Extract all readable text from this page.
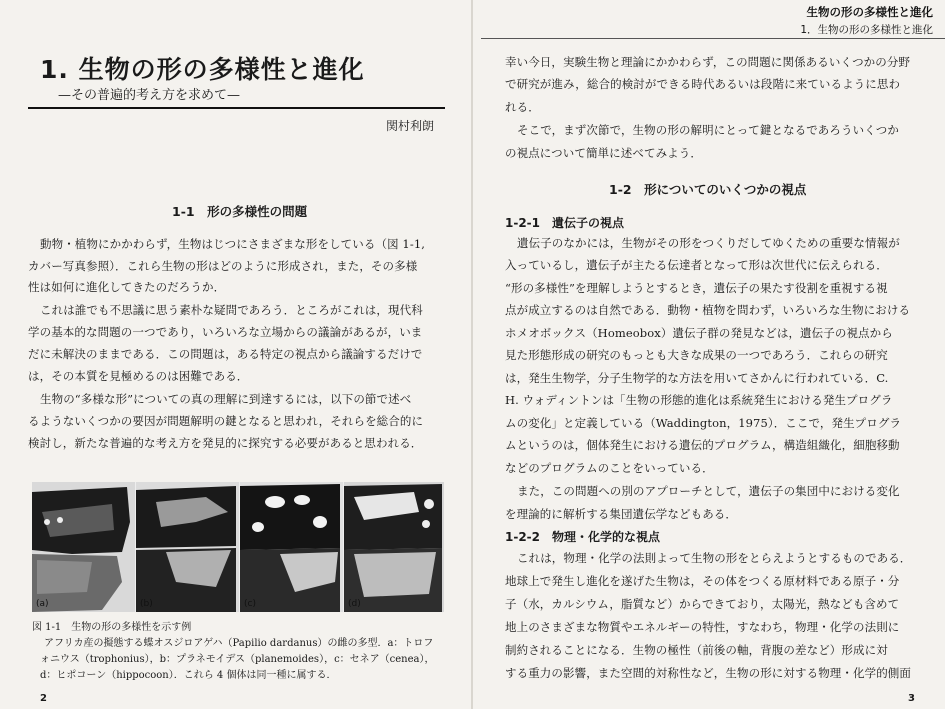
1. 生物の形の多様性と進化
—その普遍的考え方を求めて—
関村利朗
1-1　形の多様性の問題
動物・植物にかかわらず，生物はじつにさまざまな形をしている（図 1-1,
カバー写真参照）．これら生物の形はどのように形成され，また，その多様
性は如何に進化してきたのだろうか．
これは誰でも不思議に思う素朴な疑問であろう．ところがこれは，現代科
学の基本的な問題の一つであり，いろいろな立場からの議論があるが，いま
だに未解決のままである．この問題は，ある特定の視点から議論するだけで
は，その本質を見極めるのは困難である．
生物の“多様な形”についての真の理解に到達するには，以下の節で述べ
るようないくつかの要因が問題解明の鍵となると思われ，それらを総合的に
検討し，新たな普遍的な考え方を発見的に探究する必要があると思われる．
(a)	(b)	(c)	(d)
図 1-1　生物の形の多様性を示す例
アフリカ産の擬態する蝶オスジロアゲハ（Papilio dardanus）の雌の多型．a：トロフ
ォニウス（trophonius），b：プラネモイデス（planemoides），c：セネア（cenea），
d：ヒポコーン（hippocoon）．これら 4 個体は同一種に属する．
2
生物の形の多様性と進化
1．生物の形の多様性と進化
幸い今日，実験生物と理論にかかわらず，この問題に関係あるいくつかの分野
で研究が進み，総合的検討ができる時代あるいは段階に来ているように思わ
れる．
そこで，まず次節で，生物の形の解明にとって鍵となるであろういくつか
の視点について簡単に述べてみよう．
1-2　形についてのいくつかの視点
1-2-1　遺伝子の視点
遺伝子のなかには，生物がその形をつくりだしてゆくための重要な情報が
入っているし，遺伝子が主たる伝達者となって形は次世代に伝えられる．
“形の多様性”を理解しようとするとき，遺伝子の果たす役割を重視する視
点が成立するのは自然である．動物・植物を問わず，いろいろな生物における
ホメオボックス（Homeobox）遺伝子群の発見などは，遺伝子の視点から
見た形態形成の研究のもっとも大きな成果の一つであろう．これらの研究
は，発生生物学，分子生物学的な方法を用いてさかんに行われている．C.
H. ウォディントンは「生物の形態的進化は系統発生における発生プログラ
ムの変化」と定義している（Waddington，1975）．ここで，発生プログラ
ムというのは，個体発生における遺伝的プログラム，構造組織化，細胞移動
などのプログラムのことをいっている．
また，この問題への別のアプローチとして，遺伝子の集団中における変化
を理論的に解析する集団遺伝学などもある．
1-2-2　物理・化学的な視点
これは，物理・化学の法則よって生物の形をとらえようとするものである．
地球上で発生し進化を遂げた生物は，その体をつくる原材料である原子・分
子（水，カルシウム，脂質など）からできており，太陽光，熱なども含めて
地上のさまざまな物質やエネルギーの特性，すなわち，物理・化学の法則に
制約されることになる．生物の極性（前後の軸，背腹の差など）形成に対
する重力の影響，また空間的対称性など，生物の形に対する物理・化学的側面
3
